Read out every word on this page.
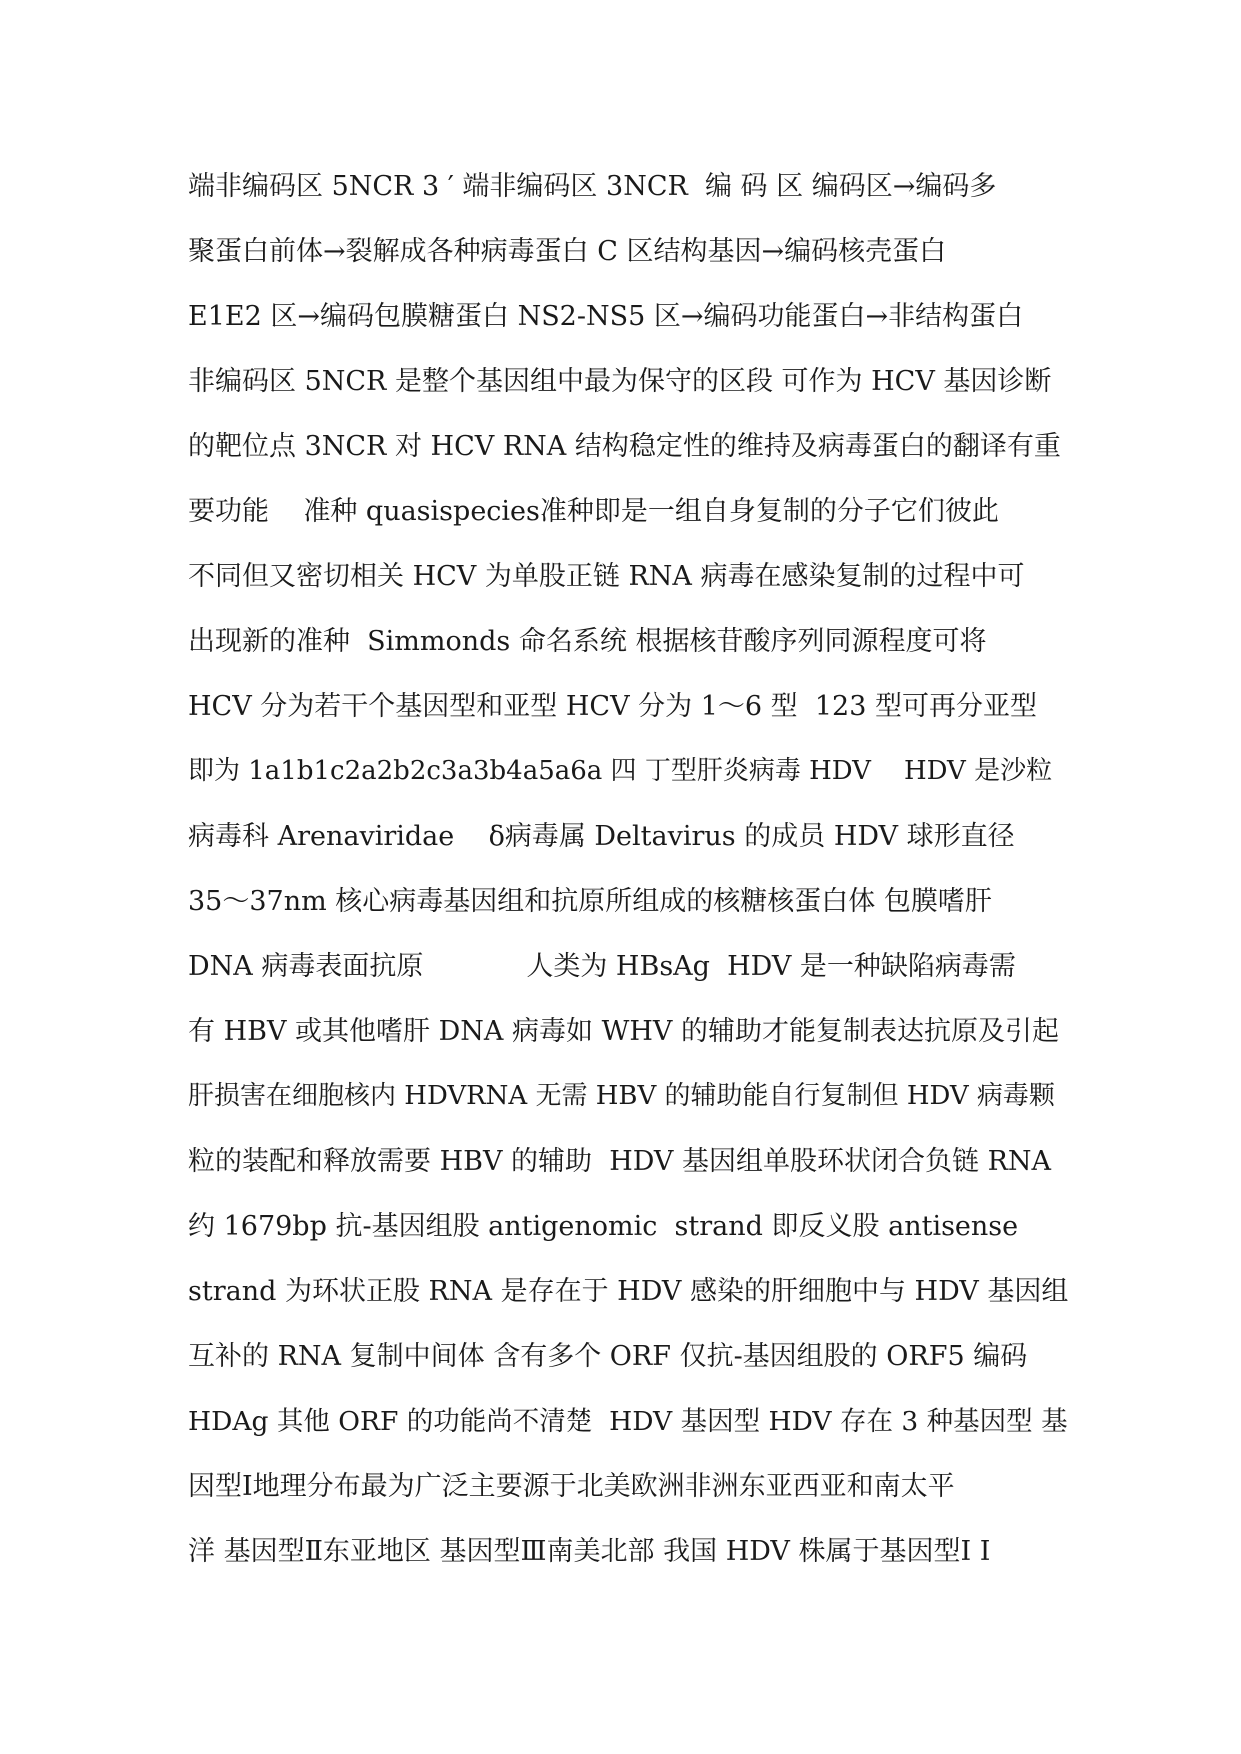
端非编码区 5NCR 3 ′ 端非编码区 3NCR  编 码 区 编码区→编码多
聚蛋白前体→裂解成各种病毒蛋白 C 区结构基因→编码核壳蛋白
E1E2 区→编码包膜糖蛋白 NS2-NS5 区→编码功能蛋白→非结构蛋白
非编码区 5NCR 是整个基因组中最为保守的区段 可作为 HCV 基因诊断
的靶位点 3NCR 对 HCV RNA 结构稳定性的维持及病毒蛋白的翻译有重
要功能    准种 quasispecies准种即是一组自身复制的分子它们彼此
不同但又密切相关 HCV 为单股正链 RNA 病毒在感染复制的过程中可
出现新的准种  Simmonds 命名系统 根据核苷酸序列同源程度可将
HCV 分为若干个基因型和亚型 HCV 分为 1～6 型  123 型可再分亚型
即为 1a1b1c2a2b2c3a3b4a5a6a 四 丁型肝炎病毒 HDV    HDV 是沙粒
病毒科 Arenaviridae    δ病毒属 Deltavirus 的成员 HDV 球形直径
35～37nm 核心病毒基因组和抗原所组成的核糖核蛋白体 包膜嗜肝
DNA 病毒表面抗原            人类为 HBsAg  HDV 是一种缺陷病毒需
有 HBV 或其他嗜肝 DNA 病毒如 WHV 的辅助才能复制表达抗原及引起
肝损害在细胞核内 HDVRNA 无需 HBV 的辅助能自行复制但 HDV 病毒颗
粒的装配和释放需要 HBV 的辅助  HDV 基因组单股环状闭合负链 RNA
约 1679bp 抗-基因组股 antigenomic  strand 即反义股 antisense
strand 为环状正股 RNA 是存在于 HDV 感染的肝细胞中与 HDV 基因组
互补的 RNA 复制中间体 含有多个 ORF 仅抗-基因组股的 ORF5 编码
HDAg 其他 ORF 的功能尚不清楚  HDV 基因型 HDV 存在 3 种基因型 基
因型Ⅰ地理分布最为广泛主要源于北美欧洲非洲东亚西亚和南太平
洋 基因型Ⅱ东亚地区 基因型Ⅲ南美北部 我国 HDV 株属于基因型Ⅰ Ⅰ
